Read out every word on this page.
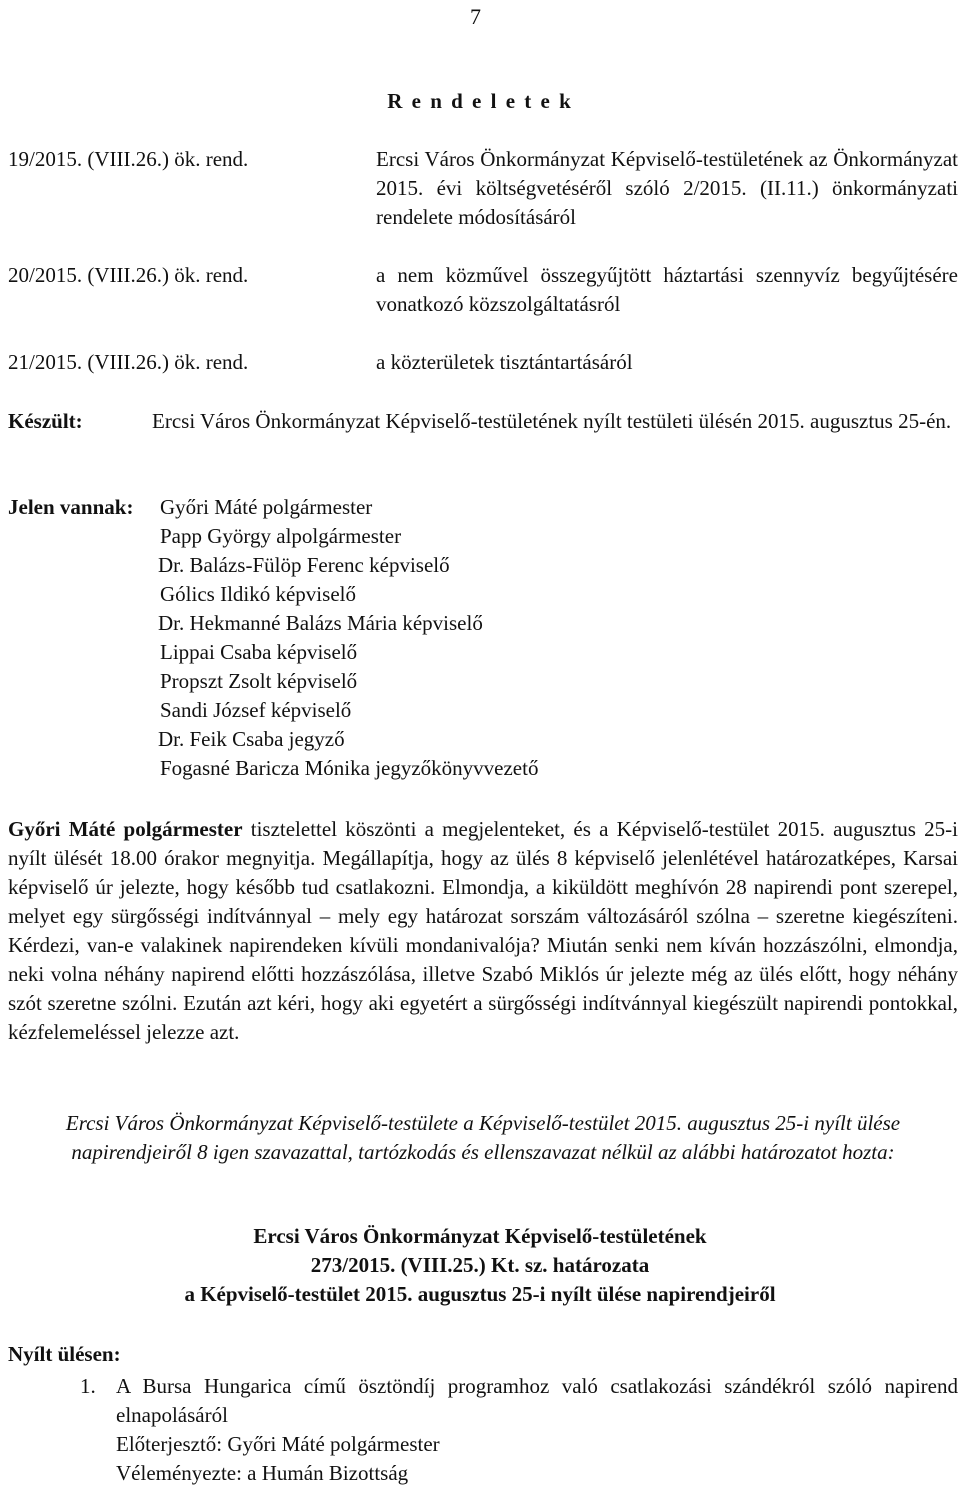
7
R e n d e l e t e k
19/2015. (VIII.26.) ök. rend.	Ercsi Város Önkormányzat Képviselő-testületének az Önkormányzat 2015. évi költségvetéséről szóló 2/2015. (II.11.) önkormányzati rendelete módosításáról
20/2015. (VIII.26.) ök. rend.	a nem közművel összegyűjtött háztartási szennyvíz begyűjtésére vonatkozó közszolgáltatásról
21/2015. (VIII.26.) ök. rend.	a közterületek tisztántartásáról
Készült:	Ercsi Város Önkormányzat Képviselő-testületének nyílt testületi ülésén 2015. augusztus 25-én.
Jelen vannak:	Győri Máté polgármester
Papp György alpolgármester
Dr. Balázs-Fülöp Ferenc képviselő
Gólics Ildikó képviselő
Dr. Hekmanné Balázs Mária képviselő
Lippai Csaba képviselő
Propszt Zsolt képviselő
Sandi József képviselő
Dr. Feik Csaba jegyző
Fogasné Baricza Mónika jegyzőkönyvvezető
Győri Máté polgármester tisztelettel köszönti a megjelenteket, és a Képviselő-testület 2015. augusztus 25-i nyílt ülését 18.00 órakor megnyitja. Megállapítja, hogy az ülés 8 képviselő jelenlétével határozatképes, Karsai képviselő úr jelezte, hogy később tud csatlakozni. Elmondja, a kiküldött meghívón 28 napirendi pont szerepel, melyet egy sürgősségi indítvánnyal – mely egy határozat sorszám változásáról szólna – szeretne kiegészíteni. Kérdezi, van-e valakinek napirendeken kívüli mondanivalója? Miután senki nem kíván hozzászólni, elmondja, neki volna néhány napirend előtti hozzászólása, illetve Szabó Miklós úr jelezte még az ülés előtt, hogy néhány szót szeretne szólni. Ezután azt kéri, hogy aki egyetért a sürgősségi indítvánnyal kiegészült napirendi pontokkal, kézfelemeléssel jelezze azt.
Ercsi Város Önkormányzat Képviselő-testülete a Képviselő-testület 2015. augusztus 25-i nyílt ülése napirendjeiről 8 igen szavazattal, tartózkodás és ellenszavazat nélkül az alábbi határozatot hozta:
Ercsi Város Önkormányzat Képviselő-testületének
273/2015. (VIII.25.) Kt. sz. határozata
a Képviselő-testület 2015. augusztus 25-i nyílt ülése napirendjeiről
Nyílt ülésen:
1. A Bursa Hungarica című ösztöndíj programhoz való csatlakozási szándékról szóló napirend elnapolásáról
Előterjesztő: Győri Máté polgármester
Véleményezte: a Humán Bizottság
